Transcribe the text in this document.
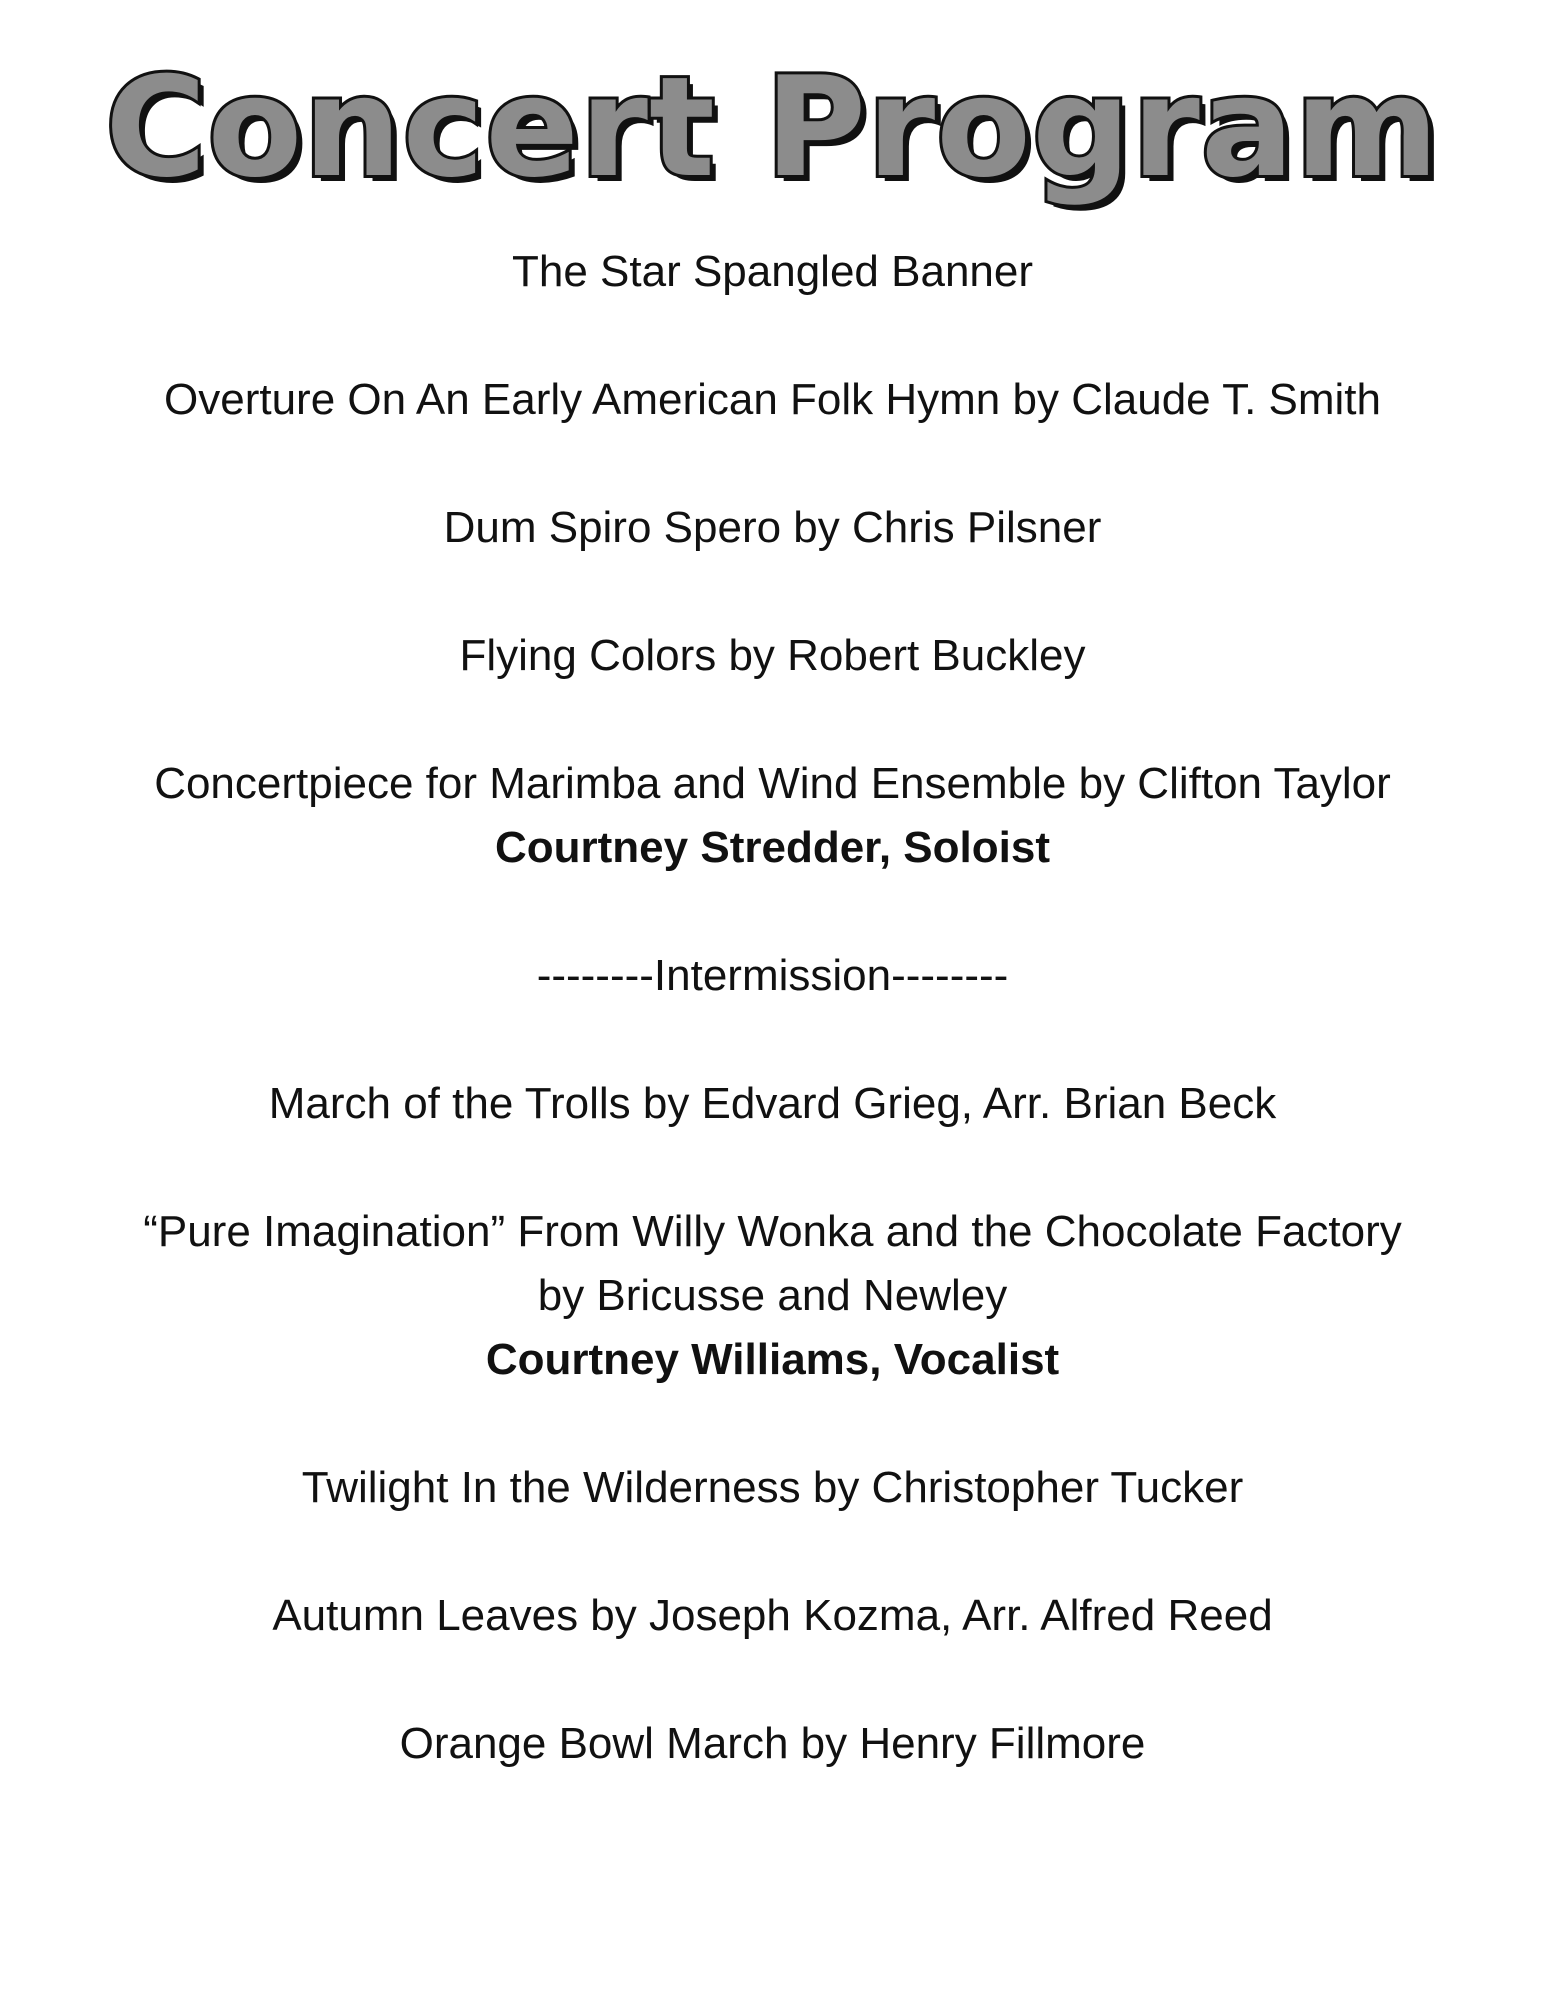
Concert Program
The Star Spangled Banner
Overture On An Early American Folk Hymn by Claude T. Smith
Dum Spiro Spero by Chris Pilsner
Flying Colors by Robert Buckley
Concertpiece for Marimba and Wind Ensemble by Clifton Taylor
Courtney Stredder, Soloist
--------Intermission--------
March of the Trolls by Edvard Grieg, Arr. Brian Beck
“Pure Imagination” From Willy Wonka and the Chocolate Factory
by Bricusse and Newley
Courtney Williams, Vocalist
Twilight In the Wilderness by Christopher Tucker
Autumn Leaves by Joseph Kozma, Arr. Alfred Reed
Orange Bowl March by Henry Fillmore
